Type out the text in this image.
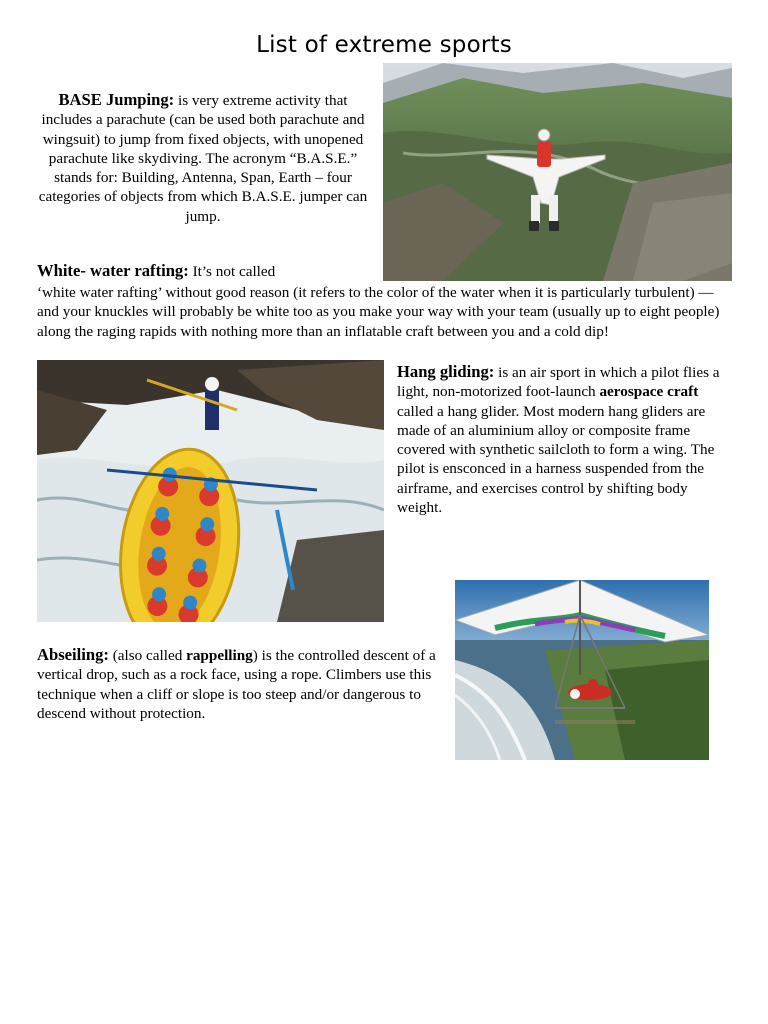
List of extreme sports
BASE Jumping: is very extreme activity that includes a parachute (can be used both parachute and wingsuit) to jump from fixed objects, with unopened parachute like skydiving. The acronym “B.A.S.E.” stands for: Building, Antenna, Span, Earth – four categories of objects from which B.A.S.E. jumper can jump.
White- water rafting: It’s not called
‘white water rafting’ without good reason (it refers to the color of the water when it is particularly turbulent) — and your knuckles will probably be white too as you make your way with your team (usually up to eight people) along the raging rapids with nothing more than an inflatable craft between you and a cold dip!
Hang gliding: is an air sport in which a pilot flies a light, non-motorized foot-launch aerospace craft called a hang glider. Most modern hang gliders are made of an aluminium alloy or composite frame covered with synthetic sailcloth to form a wing. The pilot is ensconced in a harness suspended from the airframe, and exercises control by shifting body weight.
Abseiling: (also called rappelling) is the controlled descent of a vertical drop, such as a rock face, using a rope. Climbers use this technique when a cliff or slope is too steep and/or dangerous to descend without protection.
